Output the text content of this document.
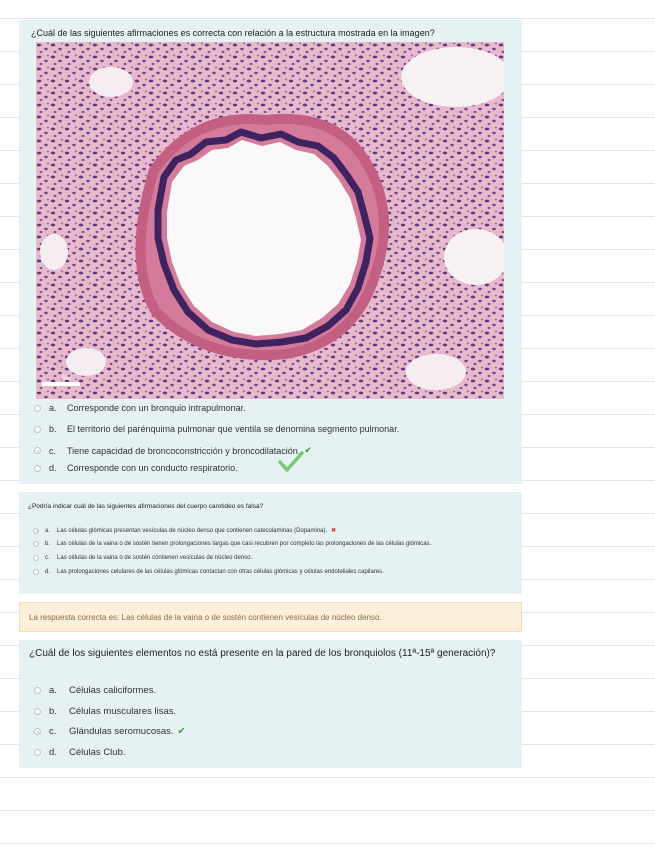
¿Cuál de las siguientes afirmaciones es correcta con relación a la estructura mostrada en la imagen?
Bar
a.	Corresponde con un bronquio intrapulmonar.
b.	El territorio del parénquima pulmonar que ventila se denomina segmento pulmonar.
c.	Tiene capacidad de broncoconstricción y broncodilatación. ✔
d.	Corresponde con un conducto respiratorio.
¿Podría indicar cuál de las siguientes afirmaciones del cuerpo carotideo es falsa?
a.	Las células glómicas presentan vesículas de núcleo denso que contienen catecolaminas (Dopamina). ✖
b.	Las células de la vaina o de sostén tienen prolongaciones largas que casi recubren por completo las prolongaciones de las células glómicas.
c.	Las células de la vaina o de sostén contienen vesículas de núcleo denso.
d.	Las prolongaciones celulares de las células glómicas contactan con otras células glómicas y células endoteliales capilares.
La respuesta correcta es: Las células de la vaina o de sostén contienen vesículas de núcleo denso.
¿Cuál de los siguientes elementos no está presente en la pared de los bronquiolos (11ª-15ª generación)?
a.	Células caliciformes.
b.	Células musculares lisas.
c.	Glándulas seromucosas. ✔
d.	Células Club.
